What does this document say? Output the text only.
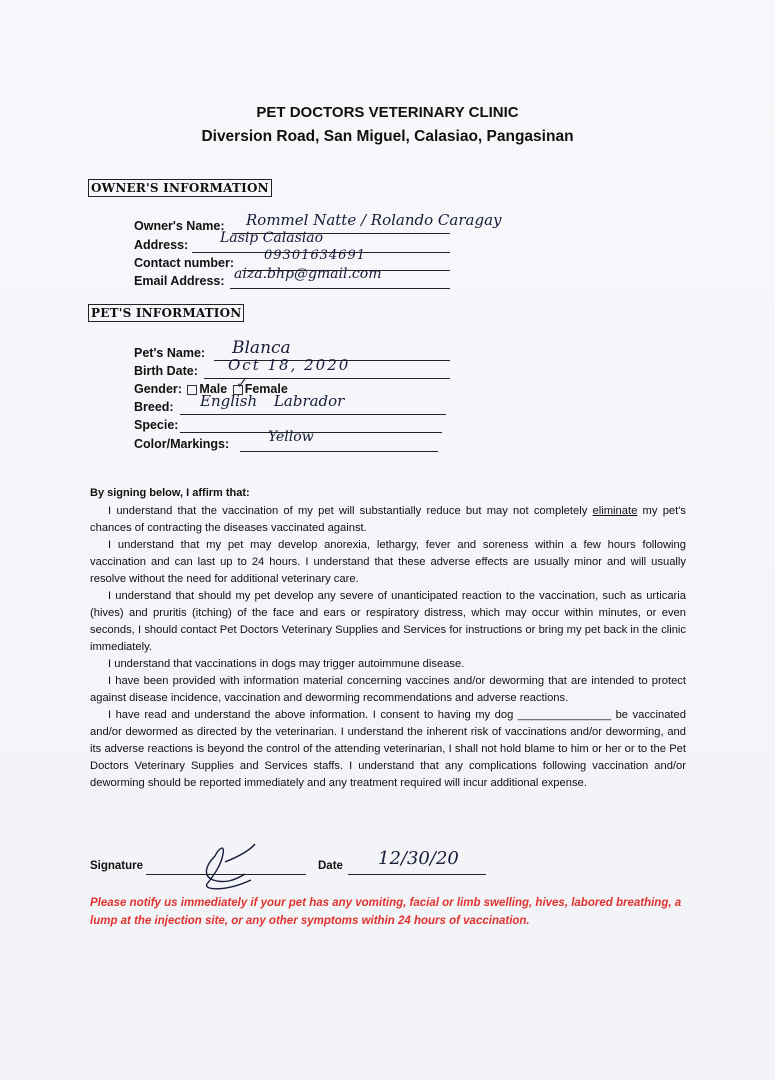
PET DOCTORS VETERINARY CLINIC
Diversion Road, San Miguel, Calasiao, Pangasinan
OWNER'S INFORMATION
Owner's Name: Rommel Natte / Rolando Caragay
Address: Lasip Calasiao
Contact number: 09301634691
Email Address: aiza.bhp@gmail.com
PET'S INFORMATION
Pet's Name: Blanca
Birth Date: Oct 18, 2020
Gender: Male Female
✓
Breed: English Labrador
Specie:
Color/Markings:	Yellow
By signing below, I affirm that:

I understand that the vaccination of my pet will substantially reduce but may not completely eliminate my pet's chances of contracting the diseases vaccinated against.

I understand that my pet may develop anorexia, lethargy, fever and soreness within a few hours following vaccination and can last up to 24 hours. I understand that these adverse effects are usually minor and will usually resolve without the need for additional veterinary care.

I understand that should my pet develop any severe of unanticipated reaction to the vaccination, such as urticaria (hives) and pruritis (itching) of the face and ears or respiratory distress, which may occur within minutes, or even seconds, I should contact Pet Doctors Veterinary Supplies and Services for instructions or bring my pet back in the clinic immediately.

I understand that vaccinations in dogs may trigger autoimmune disease.

I have been provided with information material concerning vaccines and/or deworming that are intended to protect against disease incidence, vaccination and deworming recommendations and adverse reactions.

I have read and understand the above information. I consent to having my dog _______________ be vaccinated and/or dewormed as directed by the veterinarian. I understand the inherent risk of vaccinations and/or deworming, and its adverse reactions is beyond the control of the attending veterinarian, I shall not hold blame to him or her or to the Pet Doctors Veterinary Supplies and Services staffs. I understand that any complications following vaccination and/or deworming should be reported immediately and any treatment required will incur additional expense.

Signature	Date 12/30/20
Please notify us immediately if your pet has any vomiting, facial or limb swelling, hives, labored breathing, a lump at the injection site, or any other symptoms within 24 hours of vaccination.
